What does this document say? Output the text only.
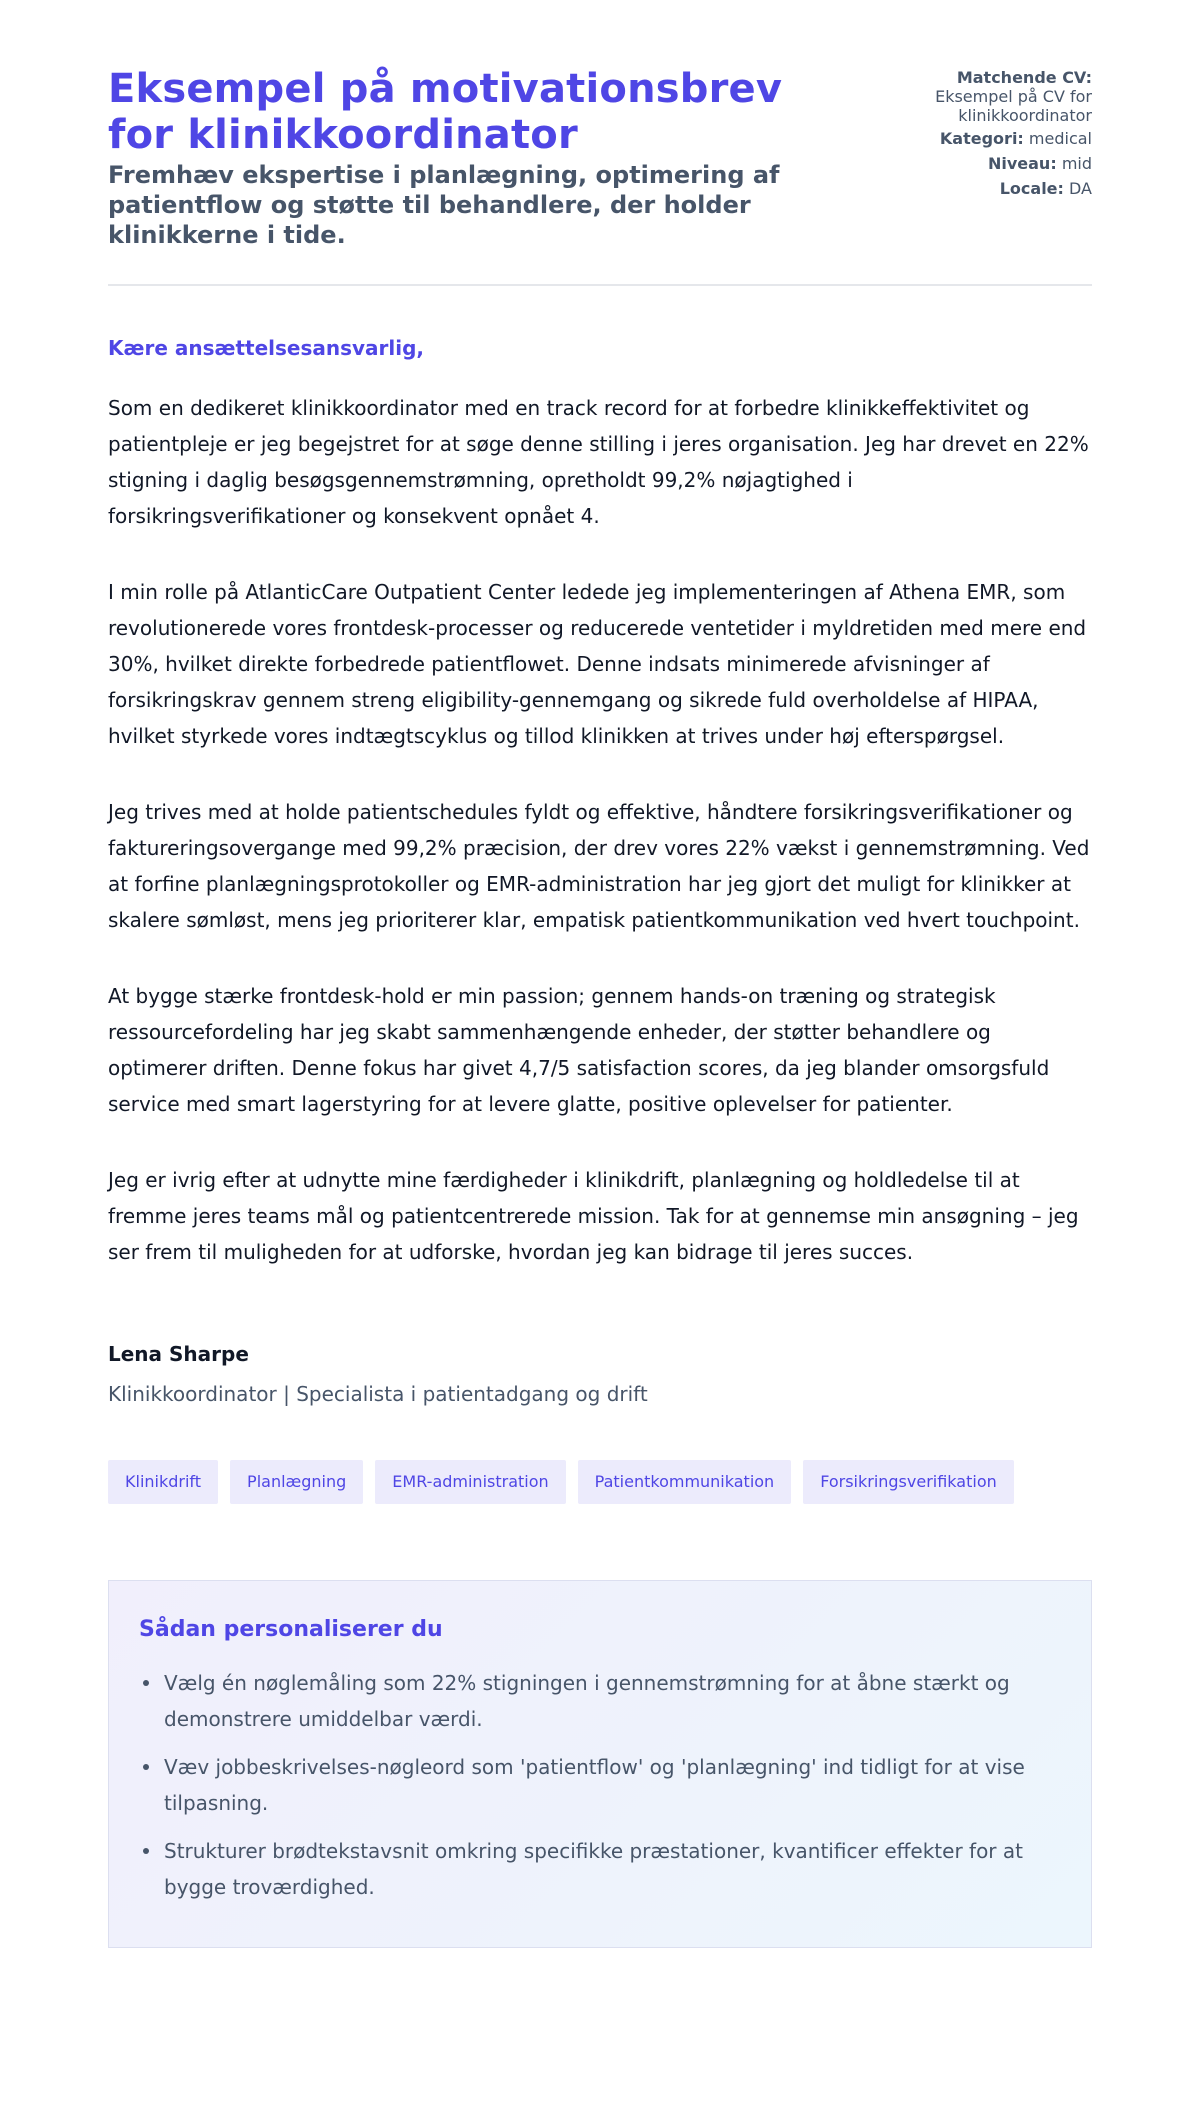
Eksempel på motivationsbrev for klinikkoordinator
Fremhæv ekspertise i planlægning, optimering af patientflow og støtte til behandlere, der holder klinikkerne i tide.
Matchende CV:
Eksempel på CV for klinikkoordinator
Kategori: medical
Niveau: mid
Locale: DA
Kære ansættelsesansvarlig,

Som en dedikeret klinikkoordinator med en track record for at forbedre klinikkeffektivitet og patientpleje er jeg begejstret for at søge denne stilling i jeres organisation. Jeg har drevet en 22% stigning i daglig besøgsgennemstrømning, opretholdt 99,2% nøjagtighed i forsikringsverifikationer og konsekvent opnået 4.

I min rolle på AtlanticCare Outpatient Center ledede jeg implementeringen af Athena EMR, som revolutionerede vores frontdesk-processer og reducerede ventetider i myldretiden med mere end 30%, hvilket direkte forbedrede patientflowet. Denne indsats minimerede afvisninger af forsikringskrav gennem streng eligibility-gennemgang og sikrede fuld overholdelse af HIPAA, hvilket styrkede vores indtægtscyklus og tillod klinikken at trives under høj efterspørgsel.

Jeg trives med at holde patientschedules fyldt og effektive, håndtere forsikringsverifikationer og faktureringsovergange med 99,2% præcision, der drev vores 22% vækst i gennemstrømning. Ved at forfine planlægningsprotokoller og EMR-administration har jeg gjort det muligt for klinikker at skalere sømløst, mens jeg prioriterer klar, empatisk patientkommunikation ved hvert touchpoint.

At bygge stærke frontdesk-hold er min passion; gennem hands-on træning og strategisk ressourcefordeling har jeg skabt sammenhængende enheder, der støtter behandlere og optimerer driften. Denne fokus har givet 4,7/5 satisfaction scores, da jeg blander omsorgsfuld service med smart lagerstyring for at levere glatte, positive oplevelser for patienter.

Jeg er ivrig efter at udnytte mine færdigheder i klinikdrift, planlægning og holdledelse til at fremme jeres teams mål og patientcentrerede mission. Tak for at gennemse min ansøgning – jeg ser frem til muligheden for at udforske, hvordan jeg kan bidrage til jeres succes.

Lena Sharpe
Klinikkoordinator | Specialista i patientadgang og drift
Klinikdrift	Planlægning	EMR-administration	Patientkommunikation	Forsikringsverifikation
Sådan personaliserer du
Vælg én nøglemåling som 22% stigningen i gennemstrømning for at åbne stærkt og demonstrere umiddelbar værdi.
Væv jobbeskrivelses-nøgleord som 'patientflow' og 'planlægning' ind tidligt for at vise tilpasning.
Strukturer brødtekstavsnit omkring specifikke præstationer, kvantificer effekter for at bygge troværdighed.
